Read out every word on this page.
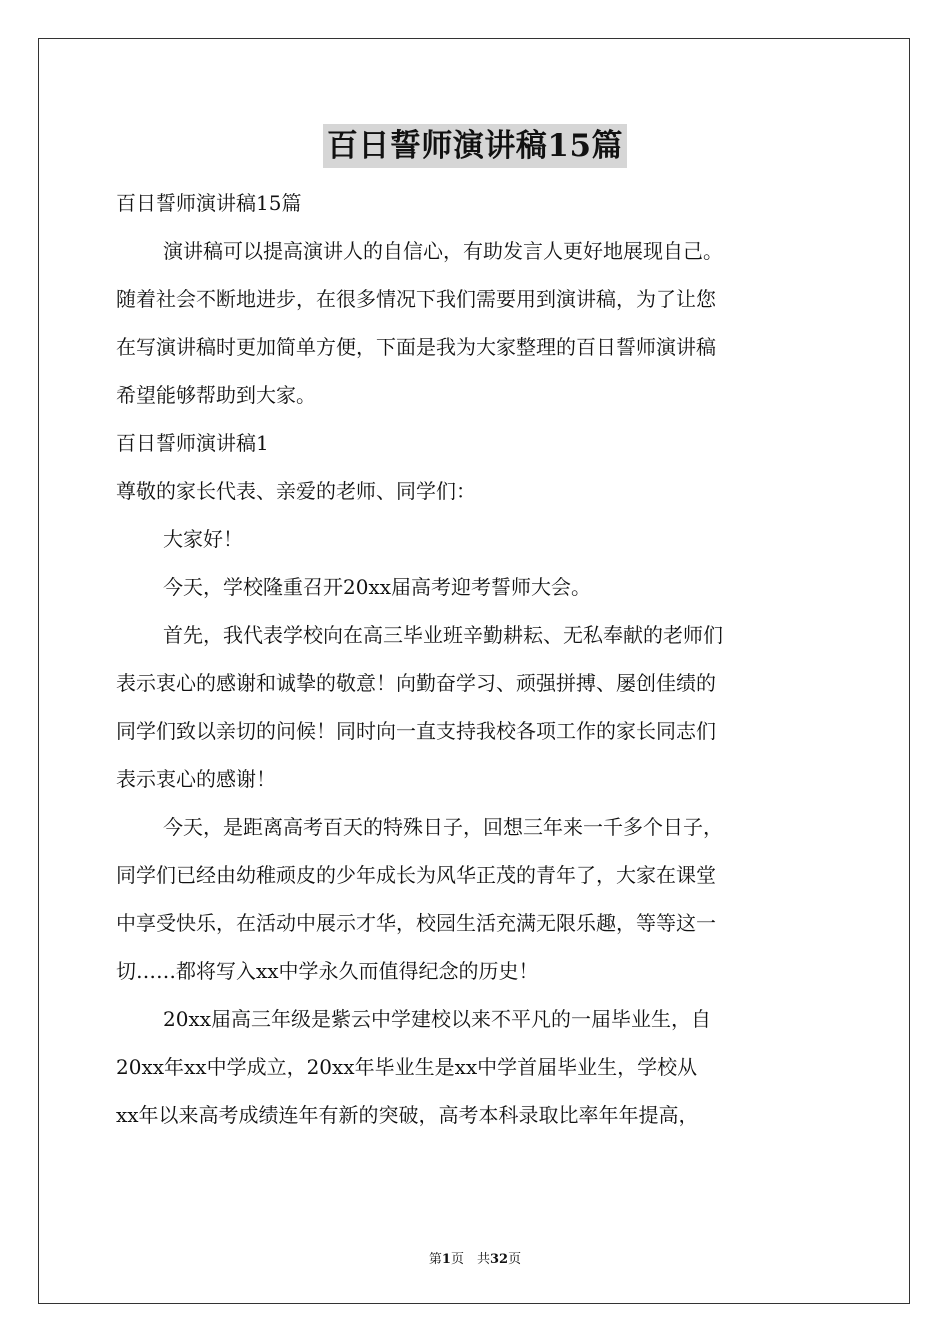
百日誓师演讲稿15篇

百日誓师演讲稿15篇

演讲稿可以提高演讲人的自信心，有助发言人更好地展现自己。
随着社会不断地进步，在很多情况下我们需要用到演讲稿，为了让您
在写演讲稿时更加简单方便，下面是我为大家整理的百日誓师演讲稿
希望能够帮助到大家。
百日誓师演讲稿1
尊敬的家长代表、亲爱的老师、同学们：
大家好！
今天，学校隆重召开20xx届高考迎考誓师大会。
首先，我代表学校向在高三毕业班辛勤耕耘、无私奉献的老师们
表示衷心的感谢和诚挚的敬意！向勤奋学习、顽强拼搏、屡创佳绩的
同学们致以亲切的问候！同时向一直支持我校各项工作的家长同志们
表示衷心的感谢！
今天，是距离高考百天的特殊日子，回想三年来一千多个日子，
同学们已经由幼稚顽皮的少年成长为风华正茂的青年了，大家在课堂
中享受快乐，在活动中展示才华，校园生活充满无限乐趣，等等这一
切……都将写入xx中学永久而值得纪念的历史！
20xx届高三年级是紫云中学建校以来不平凡的一届毕业生，自
20xx年xx中学成立，20xx年毕业生是xx中学首届毕业生，学校从
xx年以来高考成绩连年有新的突破，高考本科录取比率年年提高，
第1页　共32页
